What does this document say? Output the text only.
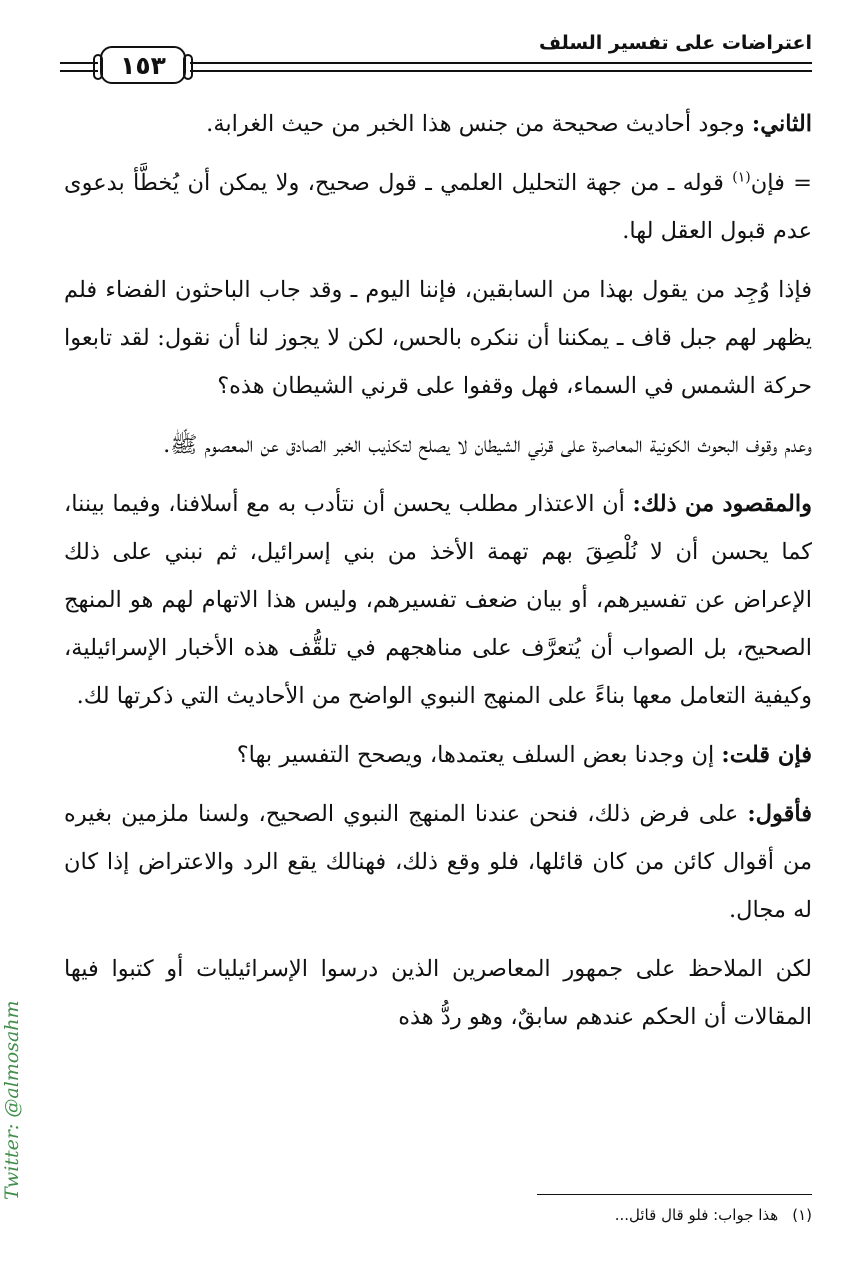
اعتراضات على تفسير السلف
١٥٣

الثاني: وجود أحاديث صحيحة من جنس هذا الخبر من حيث الغرابة.

= فإن$^{(١)}$ قوله ـ من جهة التحليل العلمي ـ قول صحيح، ولا يمكن أن يُخطَّأ بدعوى عدم قبول العقل لها.

فإذا وُجِد من يقول بهذا من السابقين، فإننا اليوم ـ وقد جاب الباحثون الفضاء فلم يظهر لهم جبل قاف ـ يمكننا أن ننكره بالحس، لكن لا يجوز لنا أن نقول: لقد تابعوا حركة الشمس في السماء، فهل وقفوا على قرني الشيطان هذه؟

وعدم وقوف البحوث الكونية المعاصرة على قرني الشيطان لا يصلح لتكذيب الخبر الصادق عن المعصوم ﷺ.

والمقصود من ذلك: أن الاعتذار مطلب يحسن أن نتأدب به مع أسلافنا، وفيما بيننا، كما يحسن أن لا نُلْصِقَ بهم تهمة الأخذ من بني إسرائيل، ثم نبني على ذلك الإعراض عن تفسيرهم، أو بيان ضعف تفسيرهم، وليس هذا الاتهام لهم هو المنهج الصحيح، بل الصواب أن يُتعرَّف على مناهجهم في تلقُّف هذه الأخبار الإسرائيلية، وكيفية التعامل معها بناءً على المنهج النبوي الواضح من الأحاديث التي ذكرتها لك.

فإن قلت: إن وجدنا بعض السلف يعتمدها، ويصحح التفسير بها؟

فأقول: على فرض ذلك، فنحن عندنا المنهج النبوي الصحيح، ولسنا ملزمين بغيره من أقوال كائن من كان قائلها، فلو وقع ذلك، فهنالك يقع الرد والاعتراض إذا كان له مجال.

لكن الملاحظ على جمهور المعاصرين الذين درسوا الإسرائيليات أو كتبوا فيها المقالات أن الحكم عندهم سابقٌ، وهو ردُّ هذه

(١)هذا جواب: فلو قال قائل...
Twitter: @almosahm
